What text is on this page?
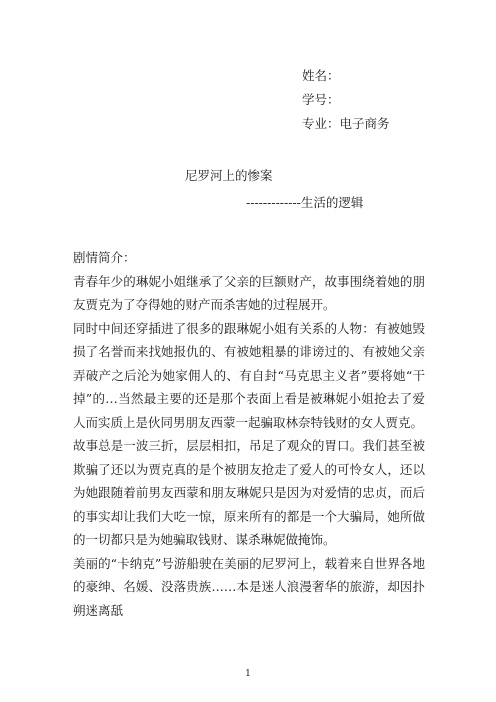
姓名：
学号：
专业：电子商务
尼罗河上的惨案
-------------生活的逻辑

剧情简介：

青春年少的琳妮小姐继承了父亲的巨额财产，故事围绕着她的朋友贾克为了夺得她的财产而杀害她的过程展开。

同时中间还穿插进了很多的跟琳妮小姐有关系的人物：有被她毁损了名誉而来找她报仇的、有被她粗暴的诽谤过的、有被她父亲弄破产之后沦为她家佣人的、有自封“马克思主义者”要将她“干掉”的…当然最主要的还是那个表面上看是被琳妮小姐抢去了爱人而实质上是伙同男朋友西蒙一起骗取林奈特钱财的女人贾克。

故事总是一波三折，层层相扣，吊足了观众的胃口。我们甚至被欺骗了还以为贾克真的是个被朋友抢走了爱人的可怜女人，还以为她跟随着前男友西蒙和朋友琳妮只是因为对爱情的忠贞，而后的事实却让我们大吃一惊，原来所有的都是一个大骗局，她所做的一切都只是为她骗取钱财、谋杀琳妮做掩饰。

美丽的“卡纳克”号游船驶在美丽的尼罗河上，载着来自世界各地的豪绅、名媛、没落贵族……本是迷人浪漫奢华的旅游，却因扑朔迷离舐

1
